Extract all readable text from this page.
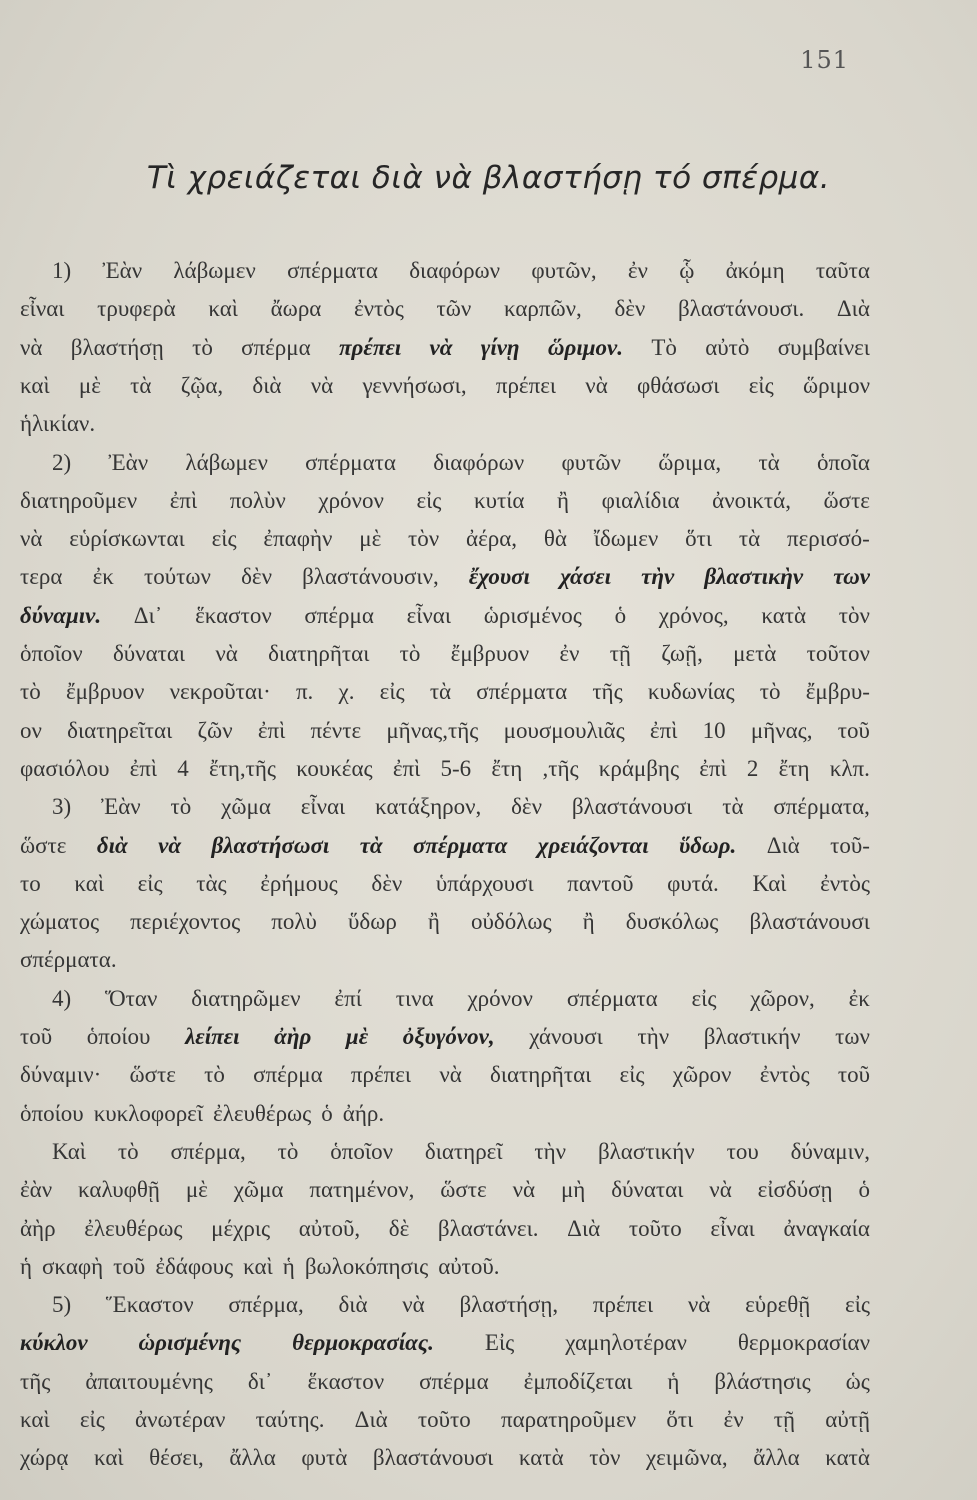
151
Τὶ χρειάζεται διὰ νὰ βλαστήσῃ τό σπέρμα.
1) Ἐὰν λάβωμεν σπέρματα διαφόρων φυτῶν, ἐν ᾧ ἀκόμη ταῦτα
εἶναι τρυφερὰ καὶ ἄωρα ἐντὸς τῶν καρπῶν, δὲν βλαστάνουσι. Διὰ
νὰ βλαστήσῃ τὸ σπέρμα πρέπει νὰ γίνῃ ὥριμον. Τὸ αὐτὸ συμβαίνει
καὶ μὲ τὰ ζῷα, διὰ νὰ γεννήσωσι, πρέπει νὰ φθάσωσι εἰς ὥριμον
ἡλικίαν.
2) Ἐὰν λάβωμεν σπέρματα διαφόρων φυτῶν ὥριμα, τὰ ὁποῖα
διατηροῦμεν ἐπὶ πολὺν χρόνον εἰς κυτία ἢ φιαλίδια ἀνοικτά, ὥστε
νὰ εὑρίσκωνται εἰς ἐπαφὴν μὲ τὸν ἀέρα, θὰ ἴδωμεν ὅτι τὰ περισσό-
τερα ἐκ τούτων δὲν βλαστάνουσιν, ἔχουσι χάσει τὴν βλαστικὴν των
δύναμιν. Δι᾽ ἕκαστον σπέρμα εἶναι ὡρισμένος ὁ χρόνος, κατὰ τὸν
ὁποῖον δύναται νὰ διατηρῆται τὸ ἔμβρυον ἐν τῇ ζωῇ, μετὰ τοῦτον
τὸ ἔμβρυον νεκροῦται· π. χ. εἰς τὰ σπέρματα τῆς κυδωνίας τὸ ἔμβρυ-
ον διατηρεῖται ζῶν ἐπὶ πέντε μῆνας,τῆς μουσμουλιᾶς ἐπὶ 10 μῆνας, τοῦ
φασιόλου ἐπὶ 4 ἔτη,τῆς κουκέας ἐπὶ 5-6 ἔτη ,τῆς κράμβης ἐπὶ 2 ἔτη κλπ.
3) Ἐὰν τὸ χῶμα εἶναι κατάξηρον, δὲν βλαστάνουσι τὰ σπέρματα,
ὥστε διὰ νὰ βλαστήσωσι τὰ σπέρματα χρειάζονται ὕδωρ. Διὰ τοῦ-
το καὶ εἰς τὰς ἐρήμους δὲν ὑπάρχουσι παντοῦ φυτά. Καὶ ἐντὸς
χώματος περιέχοντος πολὺ ὕδωρ ἢ οὐδόλως ἢ δυσκόλως βλαστάνουσι
σπέρματα.
4) Ὅταν διατηρῶμεν ἐπί τινα χρόνον σπέρματα εἰς χῶρον, ἐκ
τοῦ ὁποίου λείπει ἀὴρ μὲ ὀξυγόνον, χάνουσι τὴν βλαστικήν των
δύναμιν· ὥστε τὸ σπέρμα πρέπει νὰ διατηρῆται εἰς χῶρον ἐντὸς τοῦ
ὁποίου κυκλοφορεῖ ἐλευθέρως ὁ ἀήρ.
Καὶ τὸ σπέρμα, τὸ ὁποῖον διατηρεῖ τὴν βλαστικήν του δύναμιν,
ἐὰν καλυφθῇ μὲ χῶμα πατημένον, ὥστε νὰ μὴ δύναται νὰ εἰσδύσῃ ὁ
ἀὴρ ἐλευθέρως μέχρις αὐτοῦ, δὲ βλαστάνει. Διὰ τοῦτο εἶναι ἀναγκαία
ἡ σκαφὴ τοῦ ἐδάφους καὶ ἡ βωλοκόπησις αὐτοῦ.
5) Ἕκαστον σπέρμα, διὰ νὰ βλαστήσῃ, πρέπει νὰ εὑρεθῇ εἰς
κύκλον ὡρισμένης θερμοκρασίας. Εἰς χαμηλοτέραν θερμοκρασίαν
τῆς ἀπαιτουμένης δι᾽ ἕκαστον σπέρμα ἐμποδίζεται ἡ βλάστησις ὡς
καὶ εἰς ἀνωτέραν ταύτης. Διὰ τοῦτο παρατηροῦμεν ὅτι ἐν τῇ αὐτῇ
χώρᾳ καὶ θέσει, ἄλλα φυτὰ βλαστάνουσι κατὰ τὸν χειμῶνα, ἄλλα κατὰ
